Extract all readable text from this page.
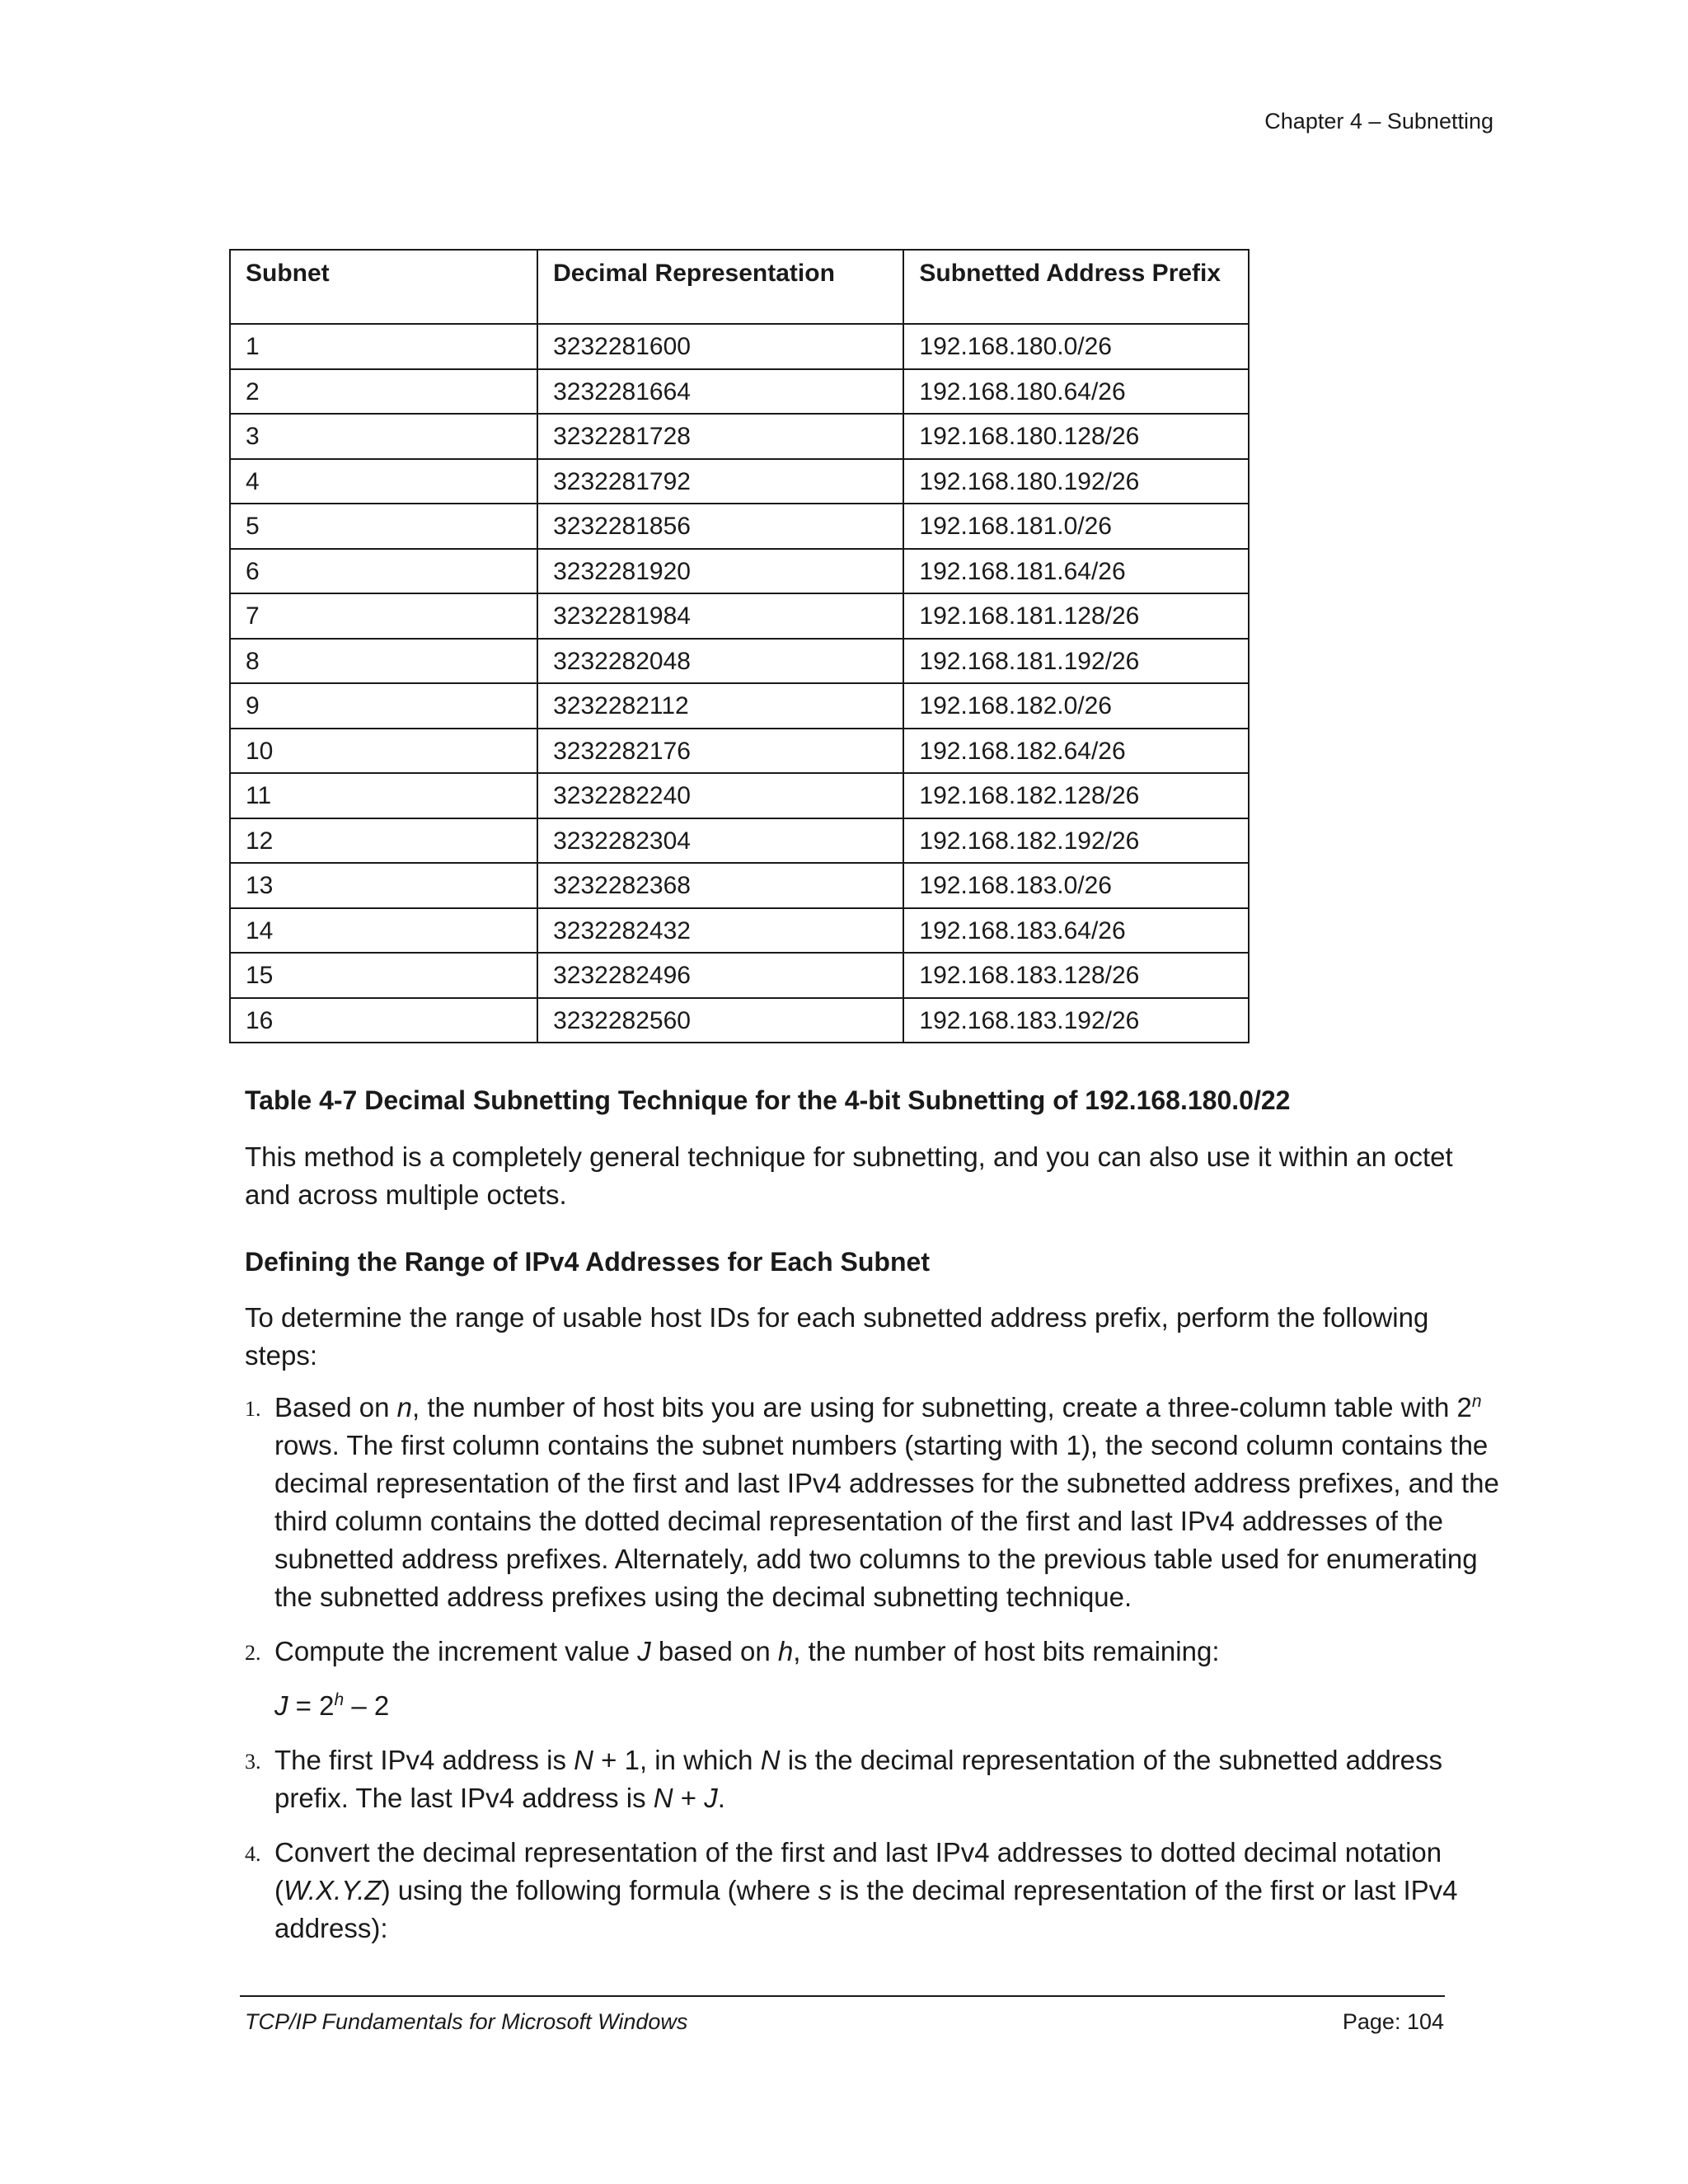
Chapter 4 – Subnetting
Subnet	Decimal Representation	Subnetted Address Prefix
1	3232281600	192.168.180.0/26
2	3232281664	192.168.180.64/26
3	3232281728	192.168.180.128/26
4	3232281792	192.168.180.192/26
5	3232281856	192.168.181.0/26
6	3232281920	192.168.181.64/26
7	3232281984	192.168.181.128/26
8	3232282048	192.168.181.192/26
9	3232282112	192.168.182.0/26
10	3232282176	192.168.182.64/26
11	3232282240	192.168.182.128/26
12	3232282304	192.168.182.192/26
13	3232282368	192.168.183.0/26
14	3232282432	192.168.183.64/26
15	3232282496	192.168.183.128/26
16	3232282560	192.168.183.192/26
Table 4-7 Decimal Subnetting Technique for the 4-bit Subnetting of 192.168.180.0/22
This method is a completely general technique for subnetting, and you can also use it within an octet and across multiple octets.
Defining the Range of IPv4 Addresses for Each Subnet
To determine the range of usable host IDs for each subnetted address prefix, perform the following steps:
1. Based on n, the number of host bits you are using for subnetting, create a three-column table with 2$^n$ rows. The first column contains the subnet numbers (starting with 1), the second column contains the decimal representation of the first and last IPv4 addresses for the subnetted address prefixes, and the third column contains the dotted decimal representation of the first and last IPv4 addresses of the subnetted address prefixes. Alternately, add two columns to the previous table used for enumerating the subnetted address prefixes using the decimal subnetting technique.
2. Compute the increment value J based on h, the number of host bits remaining:
$J = 2^h - 2$
3. The first IPv4 address is N + 1, in which N is the decimal representation of the subnetted address prefix. The last IPv4 address is N + J.
4. Convert the decimal representation of the first and last IPv4 addresses to dotted decimal notation (W.X.Y.Z) using the following formula (where s is the decimal representation of the first or last IPv4 address):
TCP/IP Fundamentals for Microsoft Windows	Page: 104
